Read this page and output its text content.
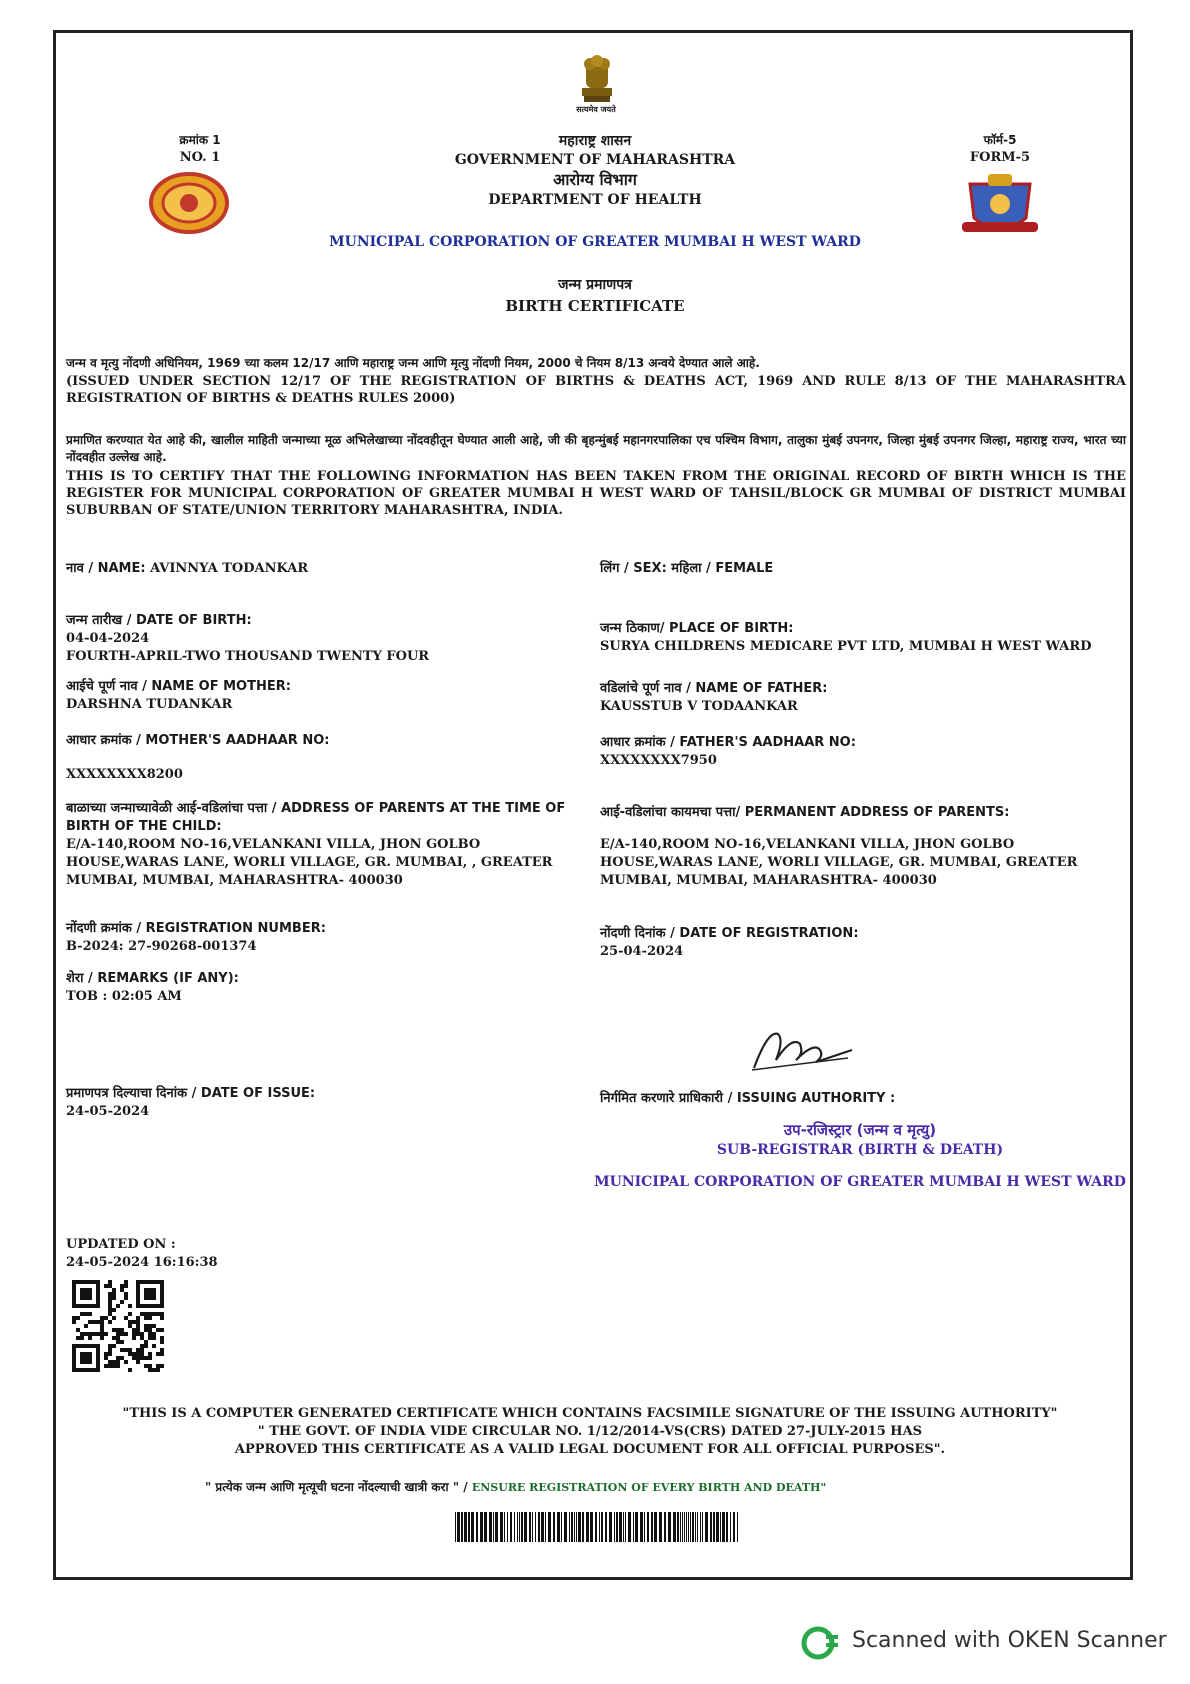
सत्यमेव जयते
क्रमांक 1
NO. 1
फॉर्म-5
FORM-5
महाराष्ट्र शासन
GOVERNMENT OF MAHARASHTRA
आरोग्य विभाग
DEPARTMENT OF HEALTH
MUNICIPAL CORPORATION OF GREATER MUMBAI H WEST WARD
जन्म प्रमाणपत्र
BIRTH CERTIFICATE
जन्म व मृत्यु नोंदणी अधिनियम, 1969 च्या कलम 12/17 आणि महाराष्ट्र जन्म आणि मृत्यु नोंदणी नियम, 2000 चे नियम 8/13 अन्वये देण्यात आले आहे.
(ISSUED UNDER SECTION 12/17 OF THE REGISTRATION OF BIRTHS & DEATHS ACT, 1969 AND RULE 8/13 OF THE MAHARASHTRA REGISTRATION OF BIRTHS & DEATHS RULES 2000)
प्रमाणित करण्यात येत आहे की, खालील माहिती जन्माच्या मूळ अभिलेखाच्या नोंदवहीतून घेण्यात आली आहे, जी की बृहन्मुंबई महानगरपालिका एच पश्चिम विभाग, तालुका मुंबई उपनगर, जिल्हा मुंबई उपनगर जिल्हा, महाराष्ट्र राज्य, भारत च्या नोंदवहीत उल्लेख आहे.
THIS IS TO CERTIFY THAT THE FOLLOWING INFORMATION HAS BEEN TAKEN FROM THE ORIGINAL RECORD OF BIRTH WHICH IS THE REGISTER FOR MUNICIPAL CORPORATION OF GREATER MUMBAI H WEST WARD OF TAHSIL/BLOCK GR MUMBAI OF DISTRICT MUMBAI SUBURBAN OF STATE/UNION TERRITORY MAHARASHTRA, INDIA.
नाव / NAME: AVINNYA TODANKAR
जन्म तारीख / DATE OF BIRTH:
04-04-2024
FOURTH-APRIL-TWO THOUSAND TWENTY FOUR
आईचे पूर्ण नाव / NAME OF MOTHER:
DARSHNA TUDANKAR
आधार क्रमांक / MOTHER'S AADHAAR NO:
XXXXXXXX8200
बाळाच्या जन्माच्यावेळी आई-वडिलांचा पत्ता / ADDRESS OF PARENTS AT THE TIME OF BIRTH OF THE CHILD:
E/A-140,ROOM NO-16,VELANKANI VILLA, JHON GOLBO HOUSE,WARAS LANE, WORLI VILLAGE, GR. MUMBAI, , GREATER MUMBAI, MUMBAI, MAHARASHTRA- 400030
नोंदणी क्रमांक / REGISTRATION NUMBER:
B-2024: 27-90268-001374
शेरा / REMARKS (IF ANY):
TOB : 02:05 AM
प्रमाणपत्र दिल्याचा दिनांक / DATE OF ISSUE:
24-05-2024
लिंग / SEX: महिला / FEMALE
जन्म ठिकाण/ PLACE OF BIRTH:
SURYA CHILDRENS MEDICARE PVT LTD, MUMBAI H WEST WARD
वडिलांचे पूर्ण नाव / NAME OF FATHER:
KAUSSTUB V TODAANKAR
आधार क्रमांक / FATHER'S AADHAAR NO:
XXXXXXXX7950
आई-वडिलांचा कायमचा पत्ता/ PERMANENT ADDRESS OF PARENTS:
E/A-140,ROOM NO-16,VELANKANI VILLA, JHON GOLBO HOUSE,WARAS LANE, WORLI VILLAGE, GR. MUMBAI, GREATER MUMBAI, MUMBAI, MAHARASHTRA- 400030
नोंदणी दिनांक / DATE OF REGISTRATION:
25-04-2024
निर्गमित करणारे प्राधिकारी / ISSUING AUTHORITY :
उप-रजिस्ट्रार (जन्म व मृत्यु)
SUB-REGISTRAR (BIRTH & DEATH)
MUNICIPAL CORPORATION OF GREATER MUMBAI H WEST WARD
UPDATED ON :
24-05-2024 16:16:38
"THIS IS A COMPUTER GENERATED CERTIFICATE WHICH CONTAINS FACSIMILE SIGNATURE OF THE ISSUING AUTHORITY"
" THE GOVT. OF INDIA VIDE CIRCULAR NO. 1/12/2014-VS(CRS) DATED 27-JULY-2015 HAS
APPROVED THIS CERTIFICATE AS A VALID LEGAL DOCUMENT FOR ALL OFFICIAL PURPOSES".
" प्रत्येक जन्म आणि मृत्यूची घटना नोंदल्याची खात्री करा " / ENSURE REGISTRATION OF EVERY BIRTH AND DEATH"
Scanned with OKEN Scanner
